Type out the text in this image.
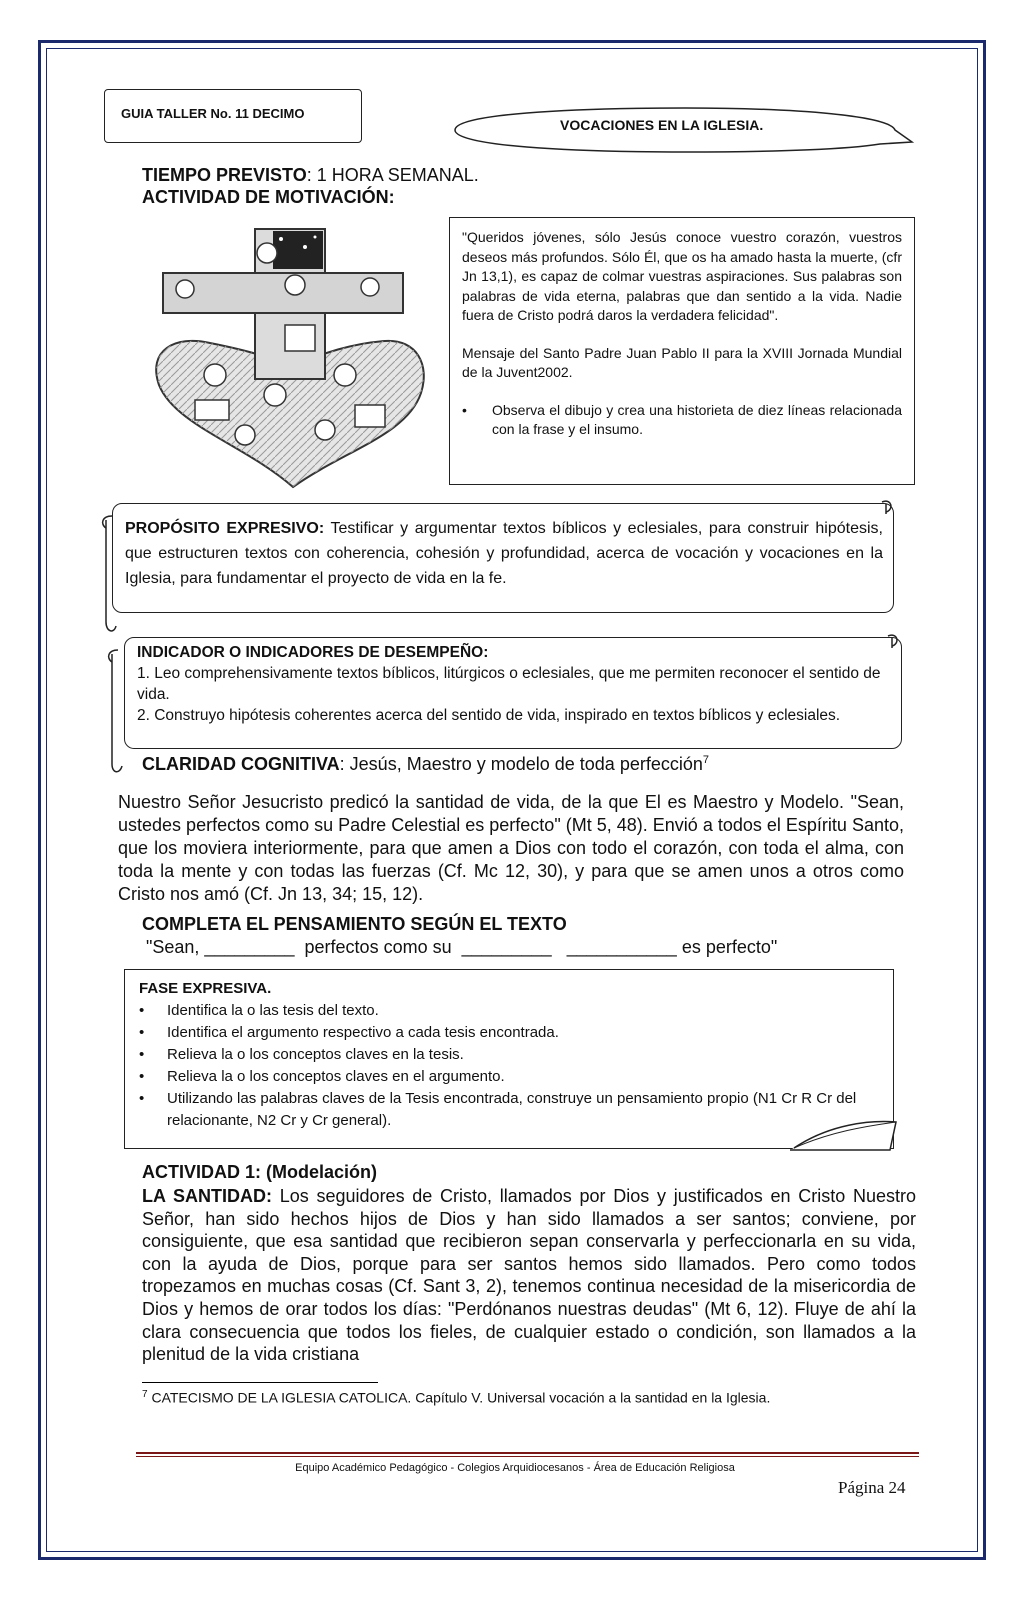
GUIA TALLER No. 11 DECIMO
VOCACIONES EN LA IGLESIA.
TIEMPO PREVISTO: 1 HORA SEMANAL.
ACTIVIDAD DE MOTIVACIÓN:

"Queridos jóvenes, sólo Jesús conoce vuestro corazón, vuestros deseos más profundos. Sólo Él, que os ha amado hasta la muerte, (cfr Jn 13,1), es capaz de colmar vuestras aspiraciones. Sus palabras son palabras de vida eterna, palabras que dan sentido a la vida. Nadie fuera de Cristo podrá daros la verdadera felicidad".

Mensaje del Santo Padre Juan Pablo II para la XVIII Jornada Mundial de la Juvent2002.

• Observa el dibujo y crea una historieta de diez líneas relacionada con la frase y el insumo.

PROPÓSITO EXPRESIVO: Testificar y argumentar textos bíblicos y eclesiales, para construir hipótesis, que estructuren textos con coherencia, cohesión y profundidad, acerca de vocación y vocaciones en la Iglesia, para fundamentar el proyecto de vida en la fe.
INDICADOR O INDICADORES DE DESEMPEÑO:
1. Leo comprehensivamente textos bíblicos, litúrgicos o eclesiales, que me permiten reconocer el sentido de vida.
2. Construyo hipótesis coherentes acerca del sentido de vida, inspirado en textos bíblicos y eclesiales.
CLARIDAD COGNITIVA: Jesús, Maestro y modelo de toda perfección$^7$
Nuestro Señor Jesucristo predicó la santidad de vida, de la que El es Maestro y Modelo. "Sean, ustedes perfectos como su Padre Celestial es perfecto" (Mt 5, 48). Envió a todos el Espíritu Santo, que los moviera interiormente, para que amen a Dios con todo el corazón, con toda el alma, con toda la mente y con todas las fuerzas (Cf. Mc 12, 30), y para que se amen unos a otros como Cristo nos amó (Cf. Jn 13, 34; 15, 12).
COMPLETA EL PENSAMIENTO SEGÚN EL TEXTO
"Sean, _________  perfectos como su  _________   ___________ es perfecto"
FASE EXPRESIVA.
• Identifica la o las tesis del texto.
• Identifica el argumento respectivo a cada tesis encontrada.
• Relieva la o los conceptos claves en la tesis.
• Relieva la o los conceptos claves en el argumento.
• Utilizando las palabras claves de la Tesis encontrada, construye un pensamiento propio (N1 Cr R Cr del relacionante, N2 Cr y Cr general).
ACTIVIDAD 1: (Modelación)
LA SANTIDAD: Los seguidores de Cristo, llamados por Dios y justificados en Cristo Nuestro Señor, han sido hechos hijos de Dios y han sido llamados a ser santos; conviene, por consiguiente, que esa santidad que recibieron sepan conservarla y perfeccionarla en su vida, con la ayuda de Dios, porque para ser santos hemos sido llamados. Pero como todos tropezamos en muchas cosas (Cf. Sant 3, 2), tenemos continua necesidad de la misericordia de Dios y hemos de orar todos los días: "Perdónanos nuestras deudas" (Mt 6, 12). Fluye de ahí la clara consecuencia que todos los fieles, de cualquier estado o condición, son llamados a la plenitud de la vida cristiana
$^7$ CATECISMO DE LA IGLESIA CATOLICA. Capítulo V. Universal vocación a la santidad en la Iglesia.
Equipo Académico Pedagógico - Colegios Arquidiocesanos - Área de Educación Religiosa
Página 24
